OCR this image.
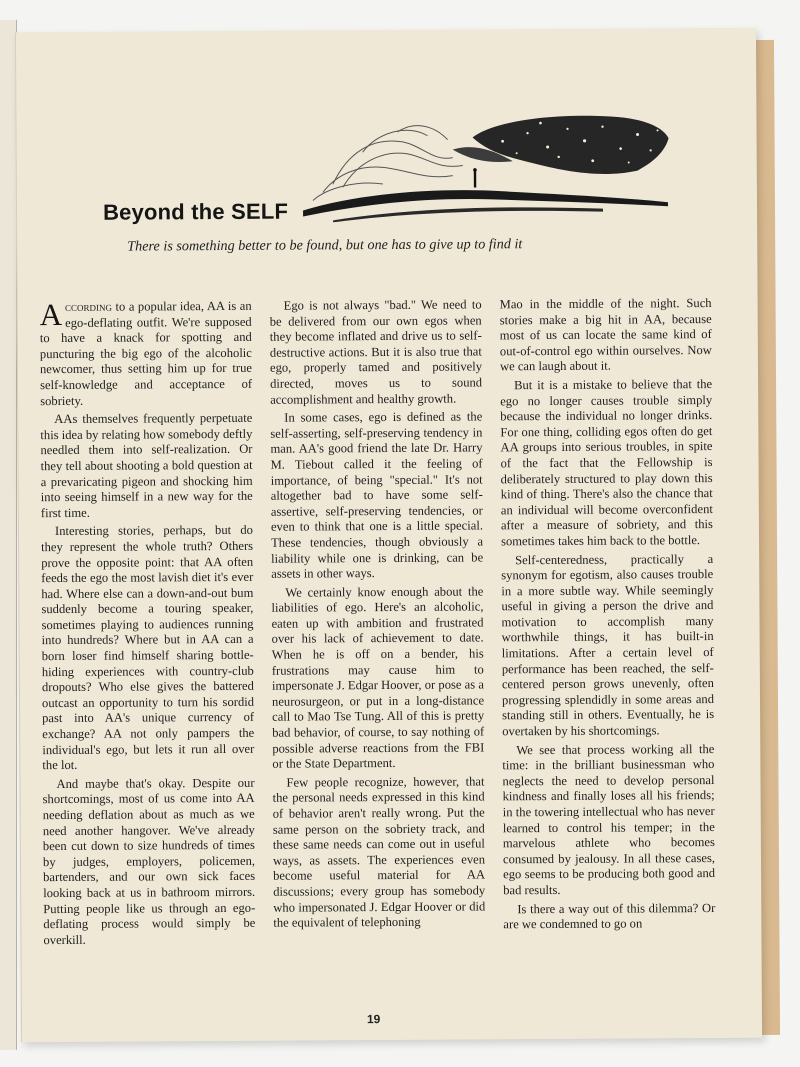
Beyond the SELF

There is something better to be found, but one has to give up to find it

According to a popular idea, AA is an ego-deflating outfit. We're supposed to have a knack for spotting and puncturing the big ego of the alcoholic newcomer, thus setting him up for true self-knowledge and acceptance of sobriety.

AAs themselves frequently perpetuate this idea by relating how somebody deftly needled them into self-realization. Or they tell about shooting a bold question at a prevaricating pigeon and shocking him into seeing himself in a new way for the first time.

Interesting stories, perhaps, but do they represent the whole truth? Others prove the opposite point: that AA often feeds the ego the most lavish diet it's ever had. Where else can a down-and-out bum suddenly become a touring speaker, sometimes playing to audiences running into hundreds? Where but in AA can a born loser find himself sharing bottle-hiding experiences with country-club dropouts? Who else gives the battered outcast an opportunity to turn his sordid past into AA's unique currency of exchange? AA not only pampers the individual's ego, but lets it run all over the lot.

And maybe that's okay. Despite our shortcomings, most of us come into AA needing deflation about as much as we need another hangover. We've already been cut down to size hundreds of times by judges, employers, policemen, bartenders, and our own sick faces looking back at us in bathroom mirrors. Putting people like us through an ego-deflating process would simply be overkill.

Ego is not always "bad." We need to be delivered from our own egos when they become inflated and drive us to self-destructive actions. But it is also true that ego, properly tamed and positively directed, moves us to sound accomplishment and healthy growth.

In some cases, ego is defined as the self-asserting, self-preserving tendency in man. AA's good friend the late Dr. Harry M. Tiebout called it the feeling of importance, of being "special." It's not altogether bad to have some self-assertive, self-preserving tendencies, or even to think that one is a little special. These tendencies, though obviously a liability while one is drinking, can be assets in other ways.

We certainly know enough about the liabilities of ego. Here's an alcoholic, eaten up with ambition and frustrated over his lack of achievement to date. When he is off on a bender, his frustrations may cause him to impersonate J. Edgar Hoover, or pose as a neurosurgeon, or put in a long-distance call to Mao Tse Tung. All of this is pretty bad behavior, of course, to say nothing of possible adverse reactions from the FBI or the State Department.

Few people recognize, however, that the personal needs expressed in this kind of behavior aren't really wrong. Put the same person on the sobriety track, and these same needs can come out in useful ways, as assets. The experiences even become useful material for AA discussions; every group has somebody who impersonated J. Edgar Hoover or did the equivalent of telephoning

Mao in the middle of the night. Such stories make a big hit in AA, because most of us can locate the same kind of out-of-control ego within ourselves. Now we can laugh about it.

But it is a mistake to believe that the ego no longer causes trouble simply because the individual no longer drinks. For one thing, colliding egos often do get AA groups into serious troubles, in spite of the fact that the Fellowship is deliberately structured to play down this kind of thing. There's also the chance that an individual will become overconfident after a measure of sobriety, and this sometimes takes him back to the bottle.

Self-centeredness, practically a synonym for egotism, also causes trouble in a more subtle way. While seemingly useful in giving a person the drive and motivation to accomplish many worthwhile things, it has built-in limitations. After a certain level of performance has been reached, the self-centered person grows unevenly, often progressing splendidly in some areas and standing still in others. Eventually, he is overtaken by his shortcomings.

We see that process working all the time: in the brilliant businessman who neglects the need to develop personal kindness and finally loses all his friends; in the towering intellectual who has never learned to control his temper; in the marvelous athlete who becomes consumed by jealousy. In all these cases, ego seems to be producing both good and bad results.

Is there a way out of this dilemma? Or are we condemned to go on

19
